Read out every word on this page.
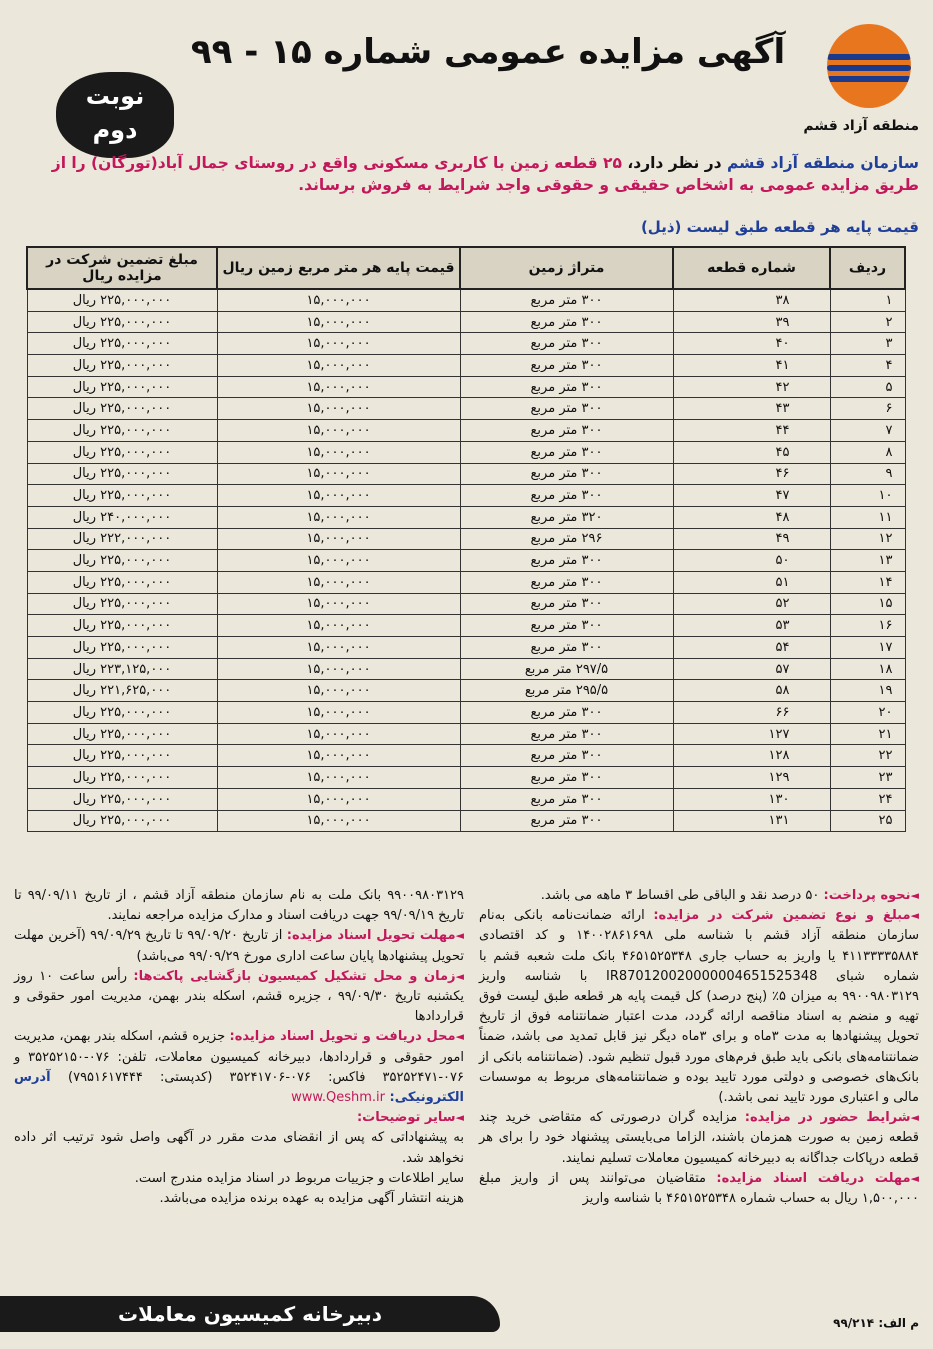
منطقه آزاد قشم
آگهی مزایده عمومی شماره ۱۵ - ۹۹
نوبت
دوم
سازمان منطقه آزاد قشم در نظر دارد، ۲۵ قطعه زمین با کاربری مسکونی واقع در روستای جمال آباد(تورگان) را از طریق مزایده عمومی به اشخاص حقیقی و حقوقی واجد شرایط به فروش برساند.
قیمت پایه هر قطعه طبق لیست (ذیل)
ردیف	شماره قطعه	متراژ زمین	قیمت پایه هر متر مربع زمین ریال	مبلغ تضمین شرکت در مزایده ریال
۱	۳۸	۳۰۰ متر مربع	۱۵,۰۰۰,۰۰۰	۲۲۵,۰۰۰,۰۰۰ ریال
۲	۳۹	۳۰۰ متر مربع	۱۵,۰۰۰,۰۰۰	۲۲۵,۰۰۰,۰۰۰ ریال
۳	۴۰	۳۰۰ متر مربع	۱۵,۰۰۰,۰۰۰	۲۲۵,۰۰۰,۰۰۰ ریال
۴	۴۱	۳۰۰ متر مربع	۱۵,۰۰۰,۰۰۰	۲۲۵,۰۰۰,۰۰۰ ریال
۵	۴۲	۳۰۰ متر مربع	۱۵,۰۰۰,۰۰۰	۲۲۵,۰۰۰,۰۰۰ ریال
۶	۴۳	۳۰۰ متر مربع	۱۵,۰۰۰,۰۰۰	۲۲۵,۰۰۰,۰۰۰ ریال
۷	۴۴	۳۰۰ متر مربع	۱۵,۰۰۰,۰۰۰	۲۲۵,۰۰۰,۰۰۰ ریال
۸	۴۵	۳۰۰ متر مربع	۱۵,۰۰۰,۰۰۰	۲۲۵,۰۰۰,۰۰۰ ریال
۹	۴۶	۳۰۰ متر مربع	۱۵,۰۰۰,۰۰۰	۲۲۵,۰۰۰,۰۰۰ ریال
۱۰	۴۷	۳۰۰ متر مربع	۱۵,۰۰۰,۰۰۰	۲۲۵,۰۰۰,۰۰۰ ریال
۱۱	۴۸	۳۲۰ متر مربع	۱۵,۰۰۰,۰۰۰	۲۴۰,۰۰۰,۰۰۰ ریال
۱۲	۴۹	۲۹۶ متر مربع	۱۵,۰۰۰,۰۰۰	۲۲۲,۰۰۰,۰۰۰ ریال
۱۳	۵۰	۳۰۰ متر مربع	۱۵,۰۰۰,۰۰۰	۲۲۵,۰۰۰,۰۰۰ ریال
۱۴	۵۱	۳۰۰ متر مربع	۱۵,۰۰۰,۰۰۰	۲۲۵,۰۰۰,۰۰۰ ریال
۱۵	۵۲	۳۰۰ متر مربع	۱۵,۰۰۰,۰۰۰	۲۲۵,۰۰۰,۰۰۰ ریال
۱۶	۵۳	۳۰۰ متر مربع	۱۵,۰۰۰,۰۰۰	۲۲۵,۰۰۰,۰۰۰ ریال
۱۷	۵۴	۳۰۰ متر مربع	۱۵,۰۰۰,۰۰۰	۲۲۵,۰۰۰,۰۰۰ ریال
۱۸	۵۷	۲۹۷/۵ متر مربع	۱۵,۰۰۰,۰۰۰	۲۲۳,۱۲۵,۰۰۰ ریال
۱۹	۵۸	۲۹۵/۵ متر مربع	۱۵,۰۰۰,۰۰۰	۲۲۱,۶۲۵,۰۰۰ ریال
۲۰	۶۶	۳۰۰ متر مربع	۱۵,۰۰۰,۰۰۰	۲۲۵,۰۰۰,۰۰۰ ریال
۲۱	۱۲۷	۳۰۰ متر مربع	۱۵,۰۰۰,۰۰۰	۲۲۵,۰۰۰,۰۰۰ ریال
۲۲	۱۲۸	۳۰۰ متر مربع	۱۵,۰۰۰,۰۰۰	۲۲۵,۰۰۰,۰۰۰ ریال
۲۳	۱۲۹	۳۰۰ متر مربع	۱۵,۰۰۰,۰۰۰	۲۲۵,۰۰۰,۰۰۰ ریال
۲۴	۱۳۰	۳۰۰ متر مربع	۱۵,۰۰۰,۰۰۰	۲۲۵,۰۰۰,۰۰۰ ریال
۲۵	۱۳۱	۳۰۰ متر مربع	۱۵,۰۰۰,۰۰۰	۲۲۵,۰۰۰,۰۰۰ ریال
◄نحوه پرداخت: ۵۰ درصد نقد و الباقی طی اقساط ۳ ماهه می باشد.
◄مبلغ و نوع تضمین شرکت در مزایده: ارائه ضمانت‌نامه بانکی به‌نام سازمان منطقه آزاد قشم با شناسه ملی ۱۴۰۰۲۸۶۱۶۹۸ و کد اقتصادی ۴۱۱۳۳۳۳۵۸۸۴ یا واریز به حساب جاری ۴۶۵۱۵۲۵۳۴۸ بانک ملت شعبه قشم با شماره شبای IR870120020000004651525348 با شناسه واریز ۹۹۰۰۹۸۰۳۱۲۹ به میزان ۵٪ (پنج درصد) کل قیمت پایه هر قطعه طبق لیست فوق تهیه و منضم به اسناد مناقصه ارائه گردد، مدت اعتبار ضمانتنامه فوق از تاریخ تحویل پیشنهادها به مدت ۳ماه و برای ۳ماه دیگر نیز قابل تمدید می باشد، ضمناً ضمانتنامه‌های بانکی باید طبق فرم‌های مورد قبول تنظیم شود. (ضمانتنامه بانکی از بانک‌های خصوصی و دولتی مورد تایید بوده و ضمانتنامه‌های مربوط به موسسات مالی و اعتباری مورد تایید نمی باشد.)
◄شرایط حضور در مزایده: مزایده گران درصورتی که متقاضی خرید چند قطعه زمین به صورت همزمان باشند، الزاما می‌بایستی پیشنهاد خود را برای هر قطعه درپاکات جداگانه به دبیرخانه کمیسیون معاملات تسلیم نمایند.
◄مهلت دریافت اسناد مزایده: متقاضیان می‌توانند پس از واریز مبلغ ۱,۵۰۰,۰۰۰ ریال به حساب شماره ۴۶۵۱۵۲۵۳۴۸ با شناسه واریز
۹۹۰۰۹۸۰۳۱۲۹ بانک ملت به نام سازمان منطقه آزاد قشم ، از تاریخ ۹۹/۰۹/۱۱ تا تاریخ ۹۹/۰۹/۱۹ جهت دریافت اسناد و مدارک مزایده مراجعه نمایند.
◄مهلت تحویل اسناد مزایده: از تاریخ ۹۹/۰۹/۲۰ تا تاریخ ۹۹/۰۹/۲۹ (آخرین مهلت تحویل پیشنهادها پایان ساعت اداری مورخ ۹۹/۰۹/۲۹ می‌باشد)
◄زمان و محل تشکیل کمیسیون بازگشایی پاکت‌ها: رأس ساعت ۱۰ روز یکشنبه تاریخ ۹۹/۰۹/۳۰ ، جزیره قشم، اسکله بندر بهمن، مدیریت امور حقوقی و قراردادها
◄محل دریافت و تحویل اسناد مزایده: جزیره قشم، اسکله بندر بهمن، مدیریت امور حقوقی و قراردادها، دبیرخانه کمیسیون معاملات، تلفن: ۰۷۶-۳۵۲۵۲۱۵۰ و ۰۷۶-۳۵۲۵۲۴۷۱ فاکس: ۰۷۶-۳۵۲۴۱۷۰۶ (کدپستی: ۷۹۵۱۶۱۷۴۴۴) آدرس الکترونیکی: www.Qeshm.ir
◄سایر توضیحات:
به پیشنهاداتی که پس از انقضای مدت مقرر در آگهی واصل شود ترتیب اثر داده نخواهد شد.
سایر اطلاعات و جزییات مربوط در اسناد مزایده مندرج است.
هزینه انتشار آگهی مزایده به عهده برنده مزایده می‌باشد.
دبیرخانه کمیسیون معاملات	م الف: ۹۹/۲۱۴
